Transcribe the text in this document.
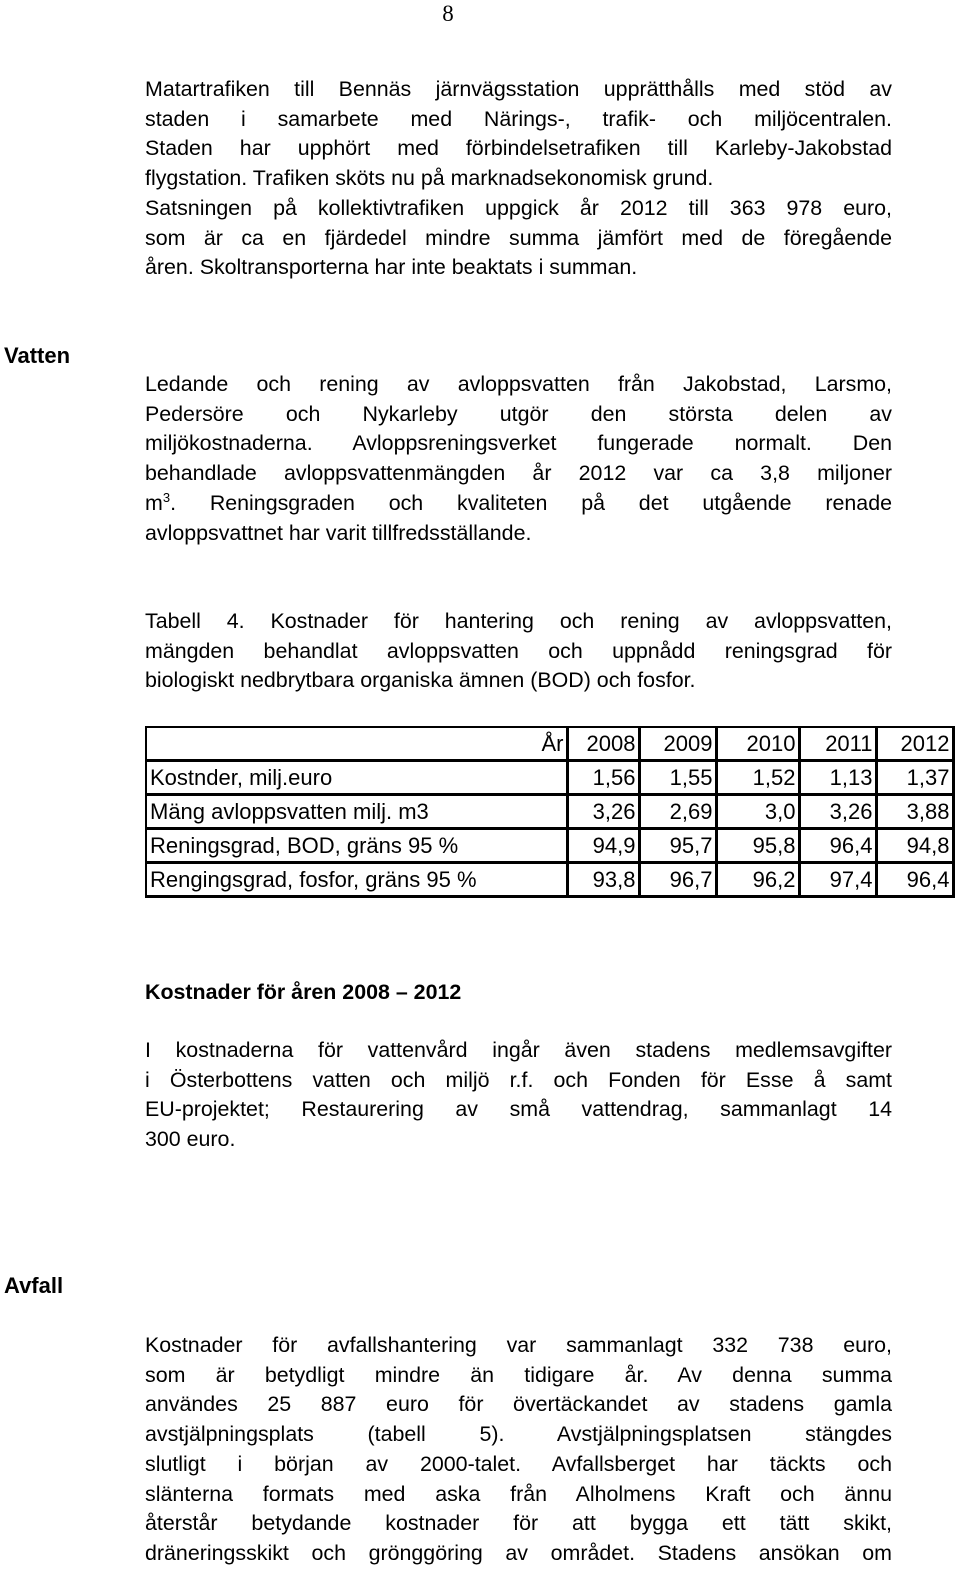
8
Matartrafiken till Bennäs järnvägsstation upprätthålls med stöd av
staden i samarbete med Närings-, trafik- och miljöcentralen.
Staden har upphört med förbindelsetrafiken till Karleby-Jakobstad
flygstation. Trafiken sköts nu på marknadsekonomisk grund.
Satsningen på kollektivtrafiken uppgick år 2012 till 363 978 euro,
som är ca en fjärdedel mindre summa jämfört med de föregående
åren. Skoltransporterna har inte beaktats i summan.
Vatten
Ledande och rening av avloppsvatten från Jakobstad, Larsmo,
Pedersöre och Nykarleby utgör den största delen av
miljökostnaderna. Avloppsreningsverket fungerade normalt. Den
behandlade avloppsvattenmängden år 2012 var ca 3,8 miljoner
$m^3$. Reningsgraden och kvaliteten på det utgående renade
avloppsvattnet har varit tillfredsställande.
Tabell 4. Kostnader för hantering och rening av avloppsvatten,
mängden behandlat avloppsvatten och uppnådd reningsgrad för
biologiskt nedbrytbara organiska ämnen (BOD) och fosfor.
År	2008	2009	2010	2011	2012
Kostnder, milj.euro	1,56	1,55	1,52	1,13	1,37
Mäng avloppsvatten milj. m3	3,26	2,69	3,0	3,26	3,88
Reningsgrad, BOD, gräns 95 %	94,9	95,7	95,8	96,4	94,8
Rengingsgrad, fosfor, gräns 95 %	93,8	96,7	96,2	97,4	96,4
Kostnader för åren 2008 – 2012
I kostnaderna för vattenvård ingår även stadens medlemsavgifter
i Österbottens vatten och miljö r.f. och Fonden för Esse å samt
EU-projektet; Restaurering av små vattendrag, sammanlagt 14
300 euro.
Avfall
Kostnader för avfallshantering var sammanlagt 332 738 euro,
som är betydligt mindre än tidigare år. Av denna summa
användes 25 887 euro för övertäckandet av stadens gamla
avstjälpningsplats (tabell 5). Avstjälpningsplatsen stängdes
slutligt i början av 2000-talet. Avfallsberget har täckts och
slänterna formats med aska från Alholmens Kraft och ännu
återstår betydande kostnader för att bygga ett tätt skikt,
dräneringsskikt och grönggöring av området. Stadens ansökan om
